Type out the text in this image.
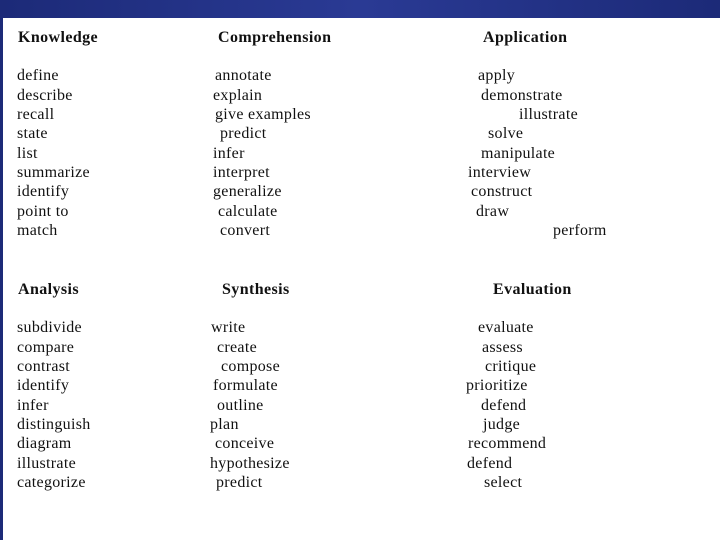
Knowledge
define
describe
recall
state
list
summarize
identify
point to
match
Comprehension
annotate
explain
give examples
predict
infer
interpret
generalize
calculate
convert
Application
apply
demonstrate
illustrate
solve
manipulate
interview
construct
draw
perform
Analysis
subdivide
compare
contrast
identify
infer
distinguish
diagram
illustrate
categorize
Synthesis
write
create
compose
formulate
outline
plan
conceive
hypothesize
predict
Evaluation
evaluate
assess
critique
prioritize
defend
judge
recommend
defend
select
